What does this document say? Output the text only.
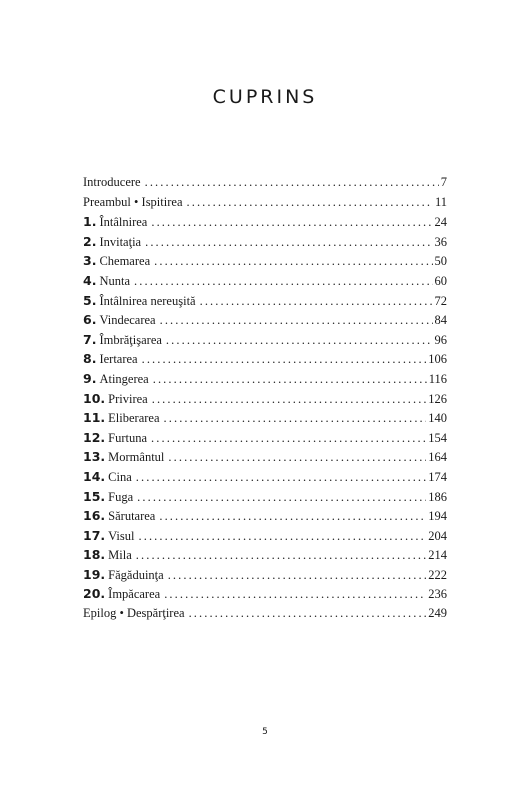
CUPRINS
Introducere .....	7
Preambul • Ispitirea .....	11
1. Întâlnirea .....	24
2. Invitaţia .....	36
3. Chemarea .....	50
4. Nunta .....	60
5. Întâlnirea nereuşită .....	72
6. Vindecarea .....	84
7. Îmbrăţişarea .....	96
8. Iertarea .....	106
9. Atingerea .....	116
10. Privirea .....	126
11. Eliberarea .....	140
12. Furtuna .....	154
13. Mormântul .....	164
14. Cina .....	174
15. Fuga .....	186
16. Sărutarea .....	194
17. Visul .....	204
18. Mila .....	214
19. Făgăduinţa .....	222
20. Împăcarea .....	236
Epilog • Despărţirea .....	249
5
